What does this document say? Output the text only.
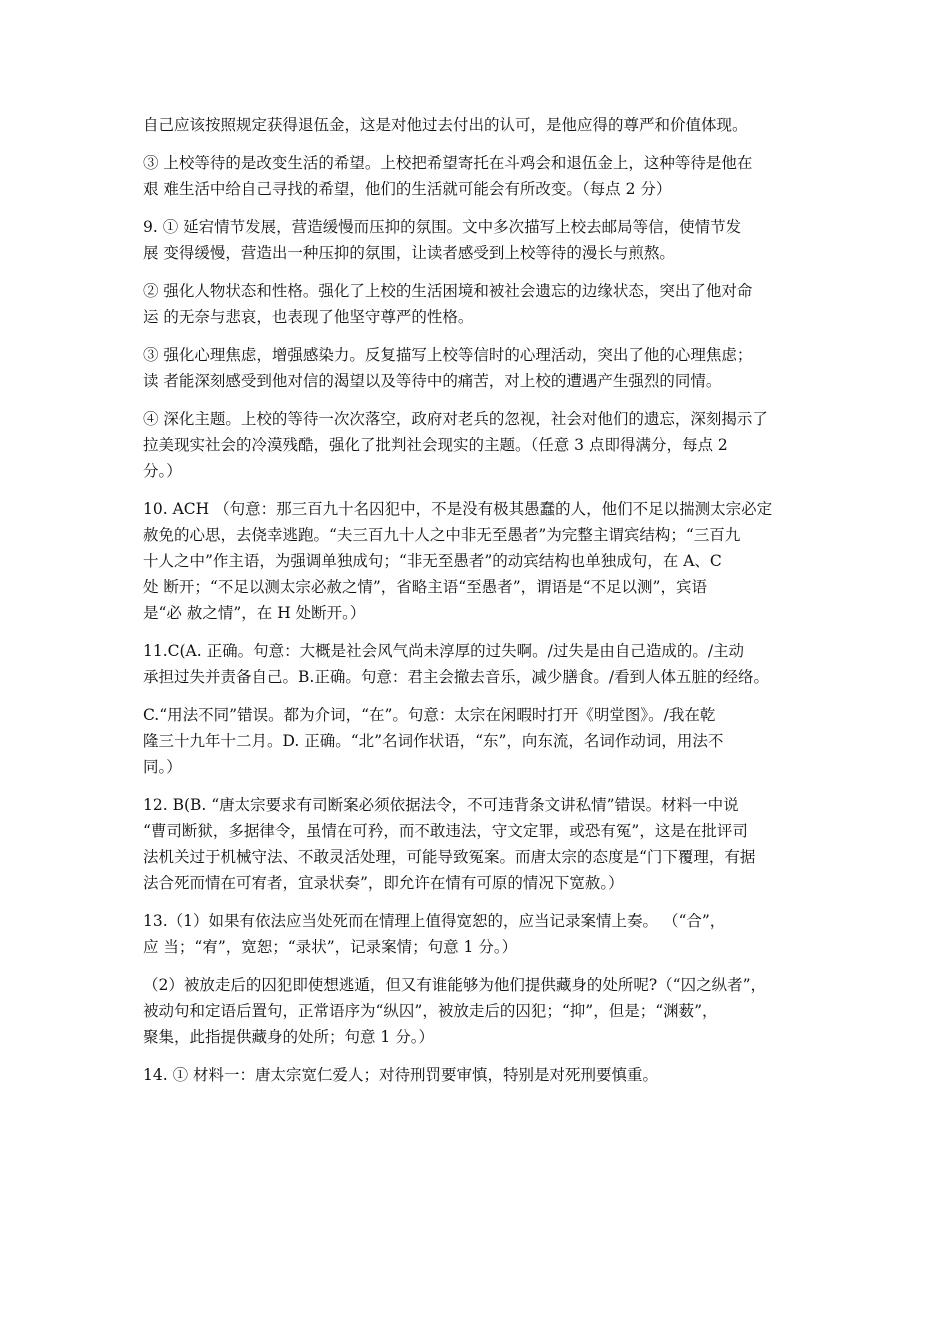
自己应该按照规定获得退伍金，这是对他过去付出的认可，是他应得的尊严和价值体现。
③ 上校等待的是改变生活的希望。上校把希望寄托在斗鸡会和退伍金上，这种等待是他在
艰 难生活中给自己寻找的希望，他们的生活就可能会有所改变。（每点 2 分）
9. ① 延宕情节发展，营造缓慢而压抑的氛围。文中多次描写上校去邮局等信，使情节发
展 变得缓慢，营造出一种压抑的氛围，让读者感受到上校等待的漫长与煎熬。
② 强化人物状态和性格。强化了上校的生活困境和被社会遗忘的边缘状态，突出了他对命
运 的无奈与悲哀，也表现了他坚守尊严的性格。
③ 强化心理焦虑，增强感染力。反复描写上校等信时的心理活动，突出了他的心理焦虑；
读 者能深刻感受到他对信的渴望以及等待中的痛苦，对上校的遭遇产生强烈的同情。
④ 深化主题。上校的等待一次次落空，政府对老兵的忽视，社会对他们的遗忘，深刻揭示了
拉美现实社会的冷漠残酷，强化了批判社会现实的主题。（任意 3 点即得满分，每点 2
分。）
10. ACH （句意：那三百九十名囚犯中，不是没有极其愚蠢的人，他们不足以揣测太宗必定
赦免的心思，去侥幸逃跑。“夫三百九十人之中非无至愚者”为完整主谓宾结构；“三百九
十人之中”作主语，为强调单独成句；“非无至愚者”的动宾结构也单独成句，在 A、C
处 断开；“不足以测太宗必赦之情”，省略主语“至愚者”，谓语是“不足以测”，宾语
是“必 赦之情”，在 H 处断开。）
11.C(A. 正确。句意：大概是社会风气尚未淳厚的过失啊。/过失是由自己造成的。/主动
承担过失并责备自己。B.正确。句意：君主会撤去音乐，减少膳食。/看到人体五脏的经络。
C.“用法不同”错误。都为介词，“在”。句意：太宗在闲暇时打开《明堂图》。/我在乾
隆三十九年十二月。D. 正确。“北”名词作状语，“东”，向东流，名词作动词，用法不
同。）
12. B(B. “唐太宗要求有司断案必须依据法令，不可违背条文讲私情”错误。材料一中说
“曹司断狱，多据律令，虽情在可矜，而不敢违法，守文定罪，或恐有冤”，这是在批评司
法机关过于机械守法、不敢灵活处理，可能导致冤案。而唐太宗的态度是“门下覆理，有据
法合死而情在可宥者，宜录状奏”，即允许在情有可原的情况下宽赦。）
13.（1）如果有依法应当处死而在情理上值得宽恕的，应当记录案情上奏。 （“合”，
应 当；“宥”，宽恕；“录状”，记录案情；句意 1 分。）
（2）被放走后的囚犯即使想逃遁，但又有谁能够为他们提供藏身的处所呢?（“囚之纵者”，
被动句和定语后置句，正常语序为“纵囚”，被放走后的囚犯；“抑”，但是；“渊薮”，
聚集，此指提供藏身的处所；句意 1 分。）
14. ① 材料一：唐太宗宽仁爱人；对待刑罚要审慎，特别是对死刑要慎重。
